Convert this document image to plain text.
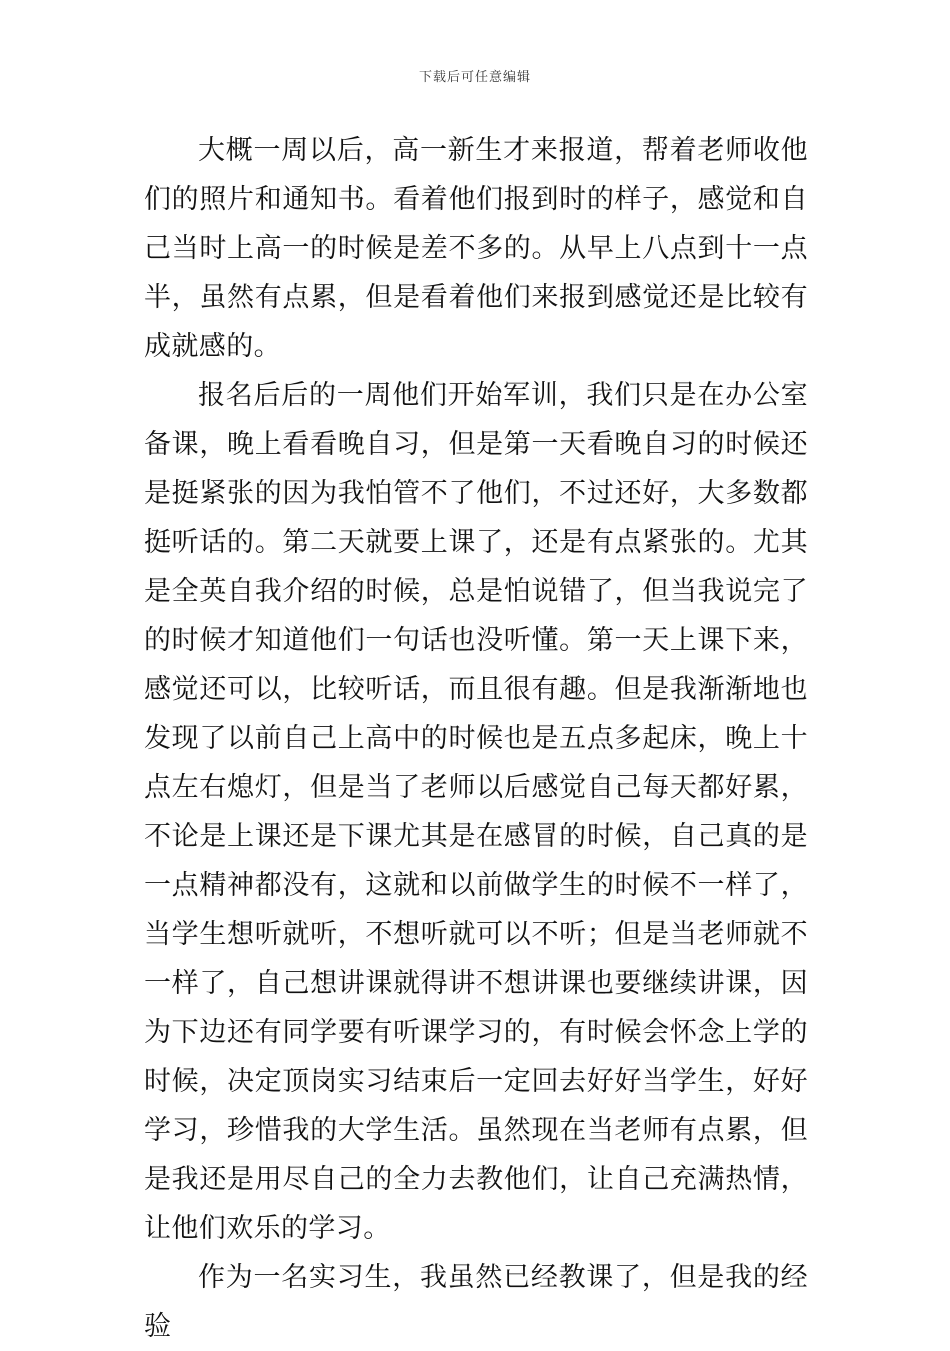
下载后可任意编辑

大概一周以后，高一新生才来报道，帮着老师收他们的照片和通知书。看着他们报到时的样子，感觉和自己当时上高一的时候是差不多的。从早上八点到十一点半，虽然有点累，但是看着他们来报到感觉还是比较有成就感的。

报名后后的一周他们开始军训，我们只是在办公室备课，晚上看看晚自习，但是第一天看晚自习的时候还是挺紧张的因为我怕管不了他们，不过还好，大多数都挺听话的。第二天就要上课了，还是有点紧张的。尤其是全英自我介绍的时候，总是怕说错了，但当我说完了的时候才知道他们一句话也没听懂。第一天上课下来，感觉还可以，比较听话，而且很有趣。但是我渐渐地也发现了以前自己上高中的时候也是五点多起床，晚上十点左右熄灯，但是当了老师以后感觉自己每天都好累，不论是上课还是下课尤其是在感冒的时候，自己真的是一点精神都没有，这就和以前做学生的时候不一样了，当学生想听就听，不想听就可以不听；但是当老师就不一样了，自己想讲课就得讲不想讲课也要继续讲课，因为下边还有同学要有听课学习的，有时候会怀念上学的时候，决定顶岗实习结束后一定回去好好当学生，好好学习，珍惜我的大学生活。虽然现在当老师有点累，但是我还是用尽自己的全力去教他们，让自己充满热情，让他们欢乐的学习。

作为一名实习生，我虽然已经教课了，但是我的经验
